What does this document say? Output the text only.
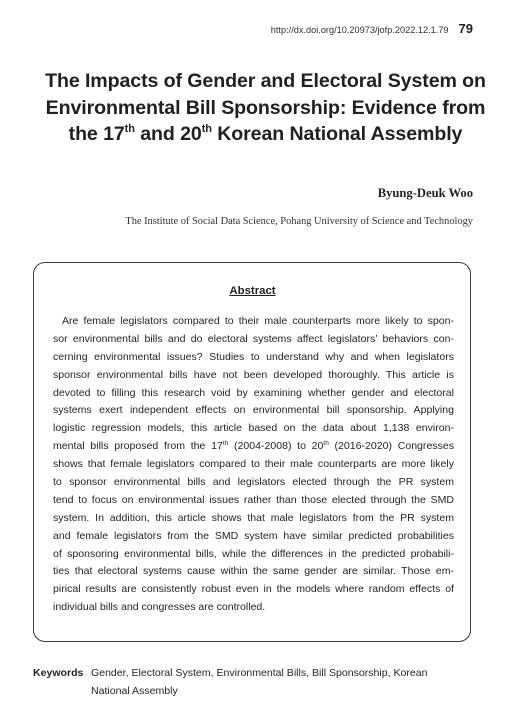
http://dx.doi.org/10.20973/jofp.2022.12.1.79 79
The Impacts of Gender and Electoral System on
Environmental Bill Sponsorship: Evidence from
the 17th and 20th Korean National Assembly
Byung-Deuk Woo
The Institute of Social Data Science, Pohang University of Science and Technology
Abstract
Are female legislators compared to their male counterparts more likely to spon-
sor environmental bills and do electoral systems affect legislators’ behaviors con-
cerning environmental issues? Studies to understand why and when legislators
sponsor environmental bills have not been developed thoroughly. This article is
devoted to filling this research void by examining whether gender and electoral
systems exert independent effects on environmental bill sponsorship. Applying
logistic regression models, this article based on the data about 1,138 environ-
mental bills proposed from the 17th (2004-2008) to 20th (2016-2020) Congresses
shows that female legislators compared to their male counterparts are more likely
to sponsor environmental bills and legislators elected through the PR system
tend to focus on environmental issues rather than those elected through the SMD
system. In addition, this article shows that male legislators from the PR system
and female legislators from the SMD system have similar predicted probabilities
of sponsoring environmental bills, while the differences in the predicted probabili-
ties that electoral systems cause within the same gender are similar. Those em-
pirical results are consistently robust even in the models where random effects of
individual bills and congresses are controlled.
Keywords Gender, Electoral System, Environmental Bills, Bill Sponsorship, Korean
National Assembly
